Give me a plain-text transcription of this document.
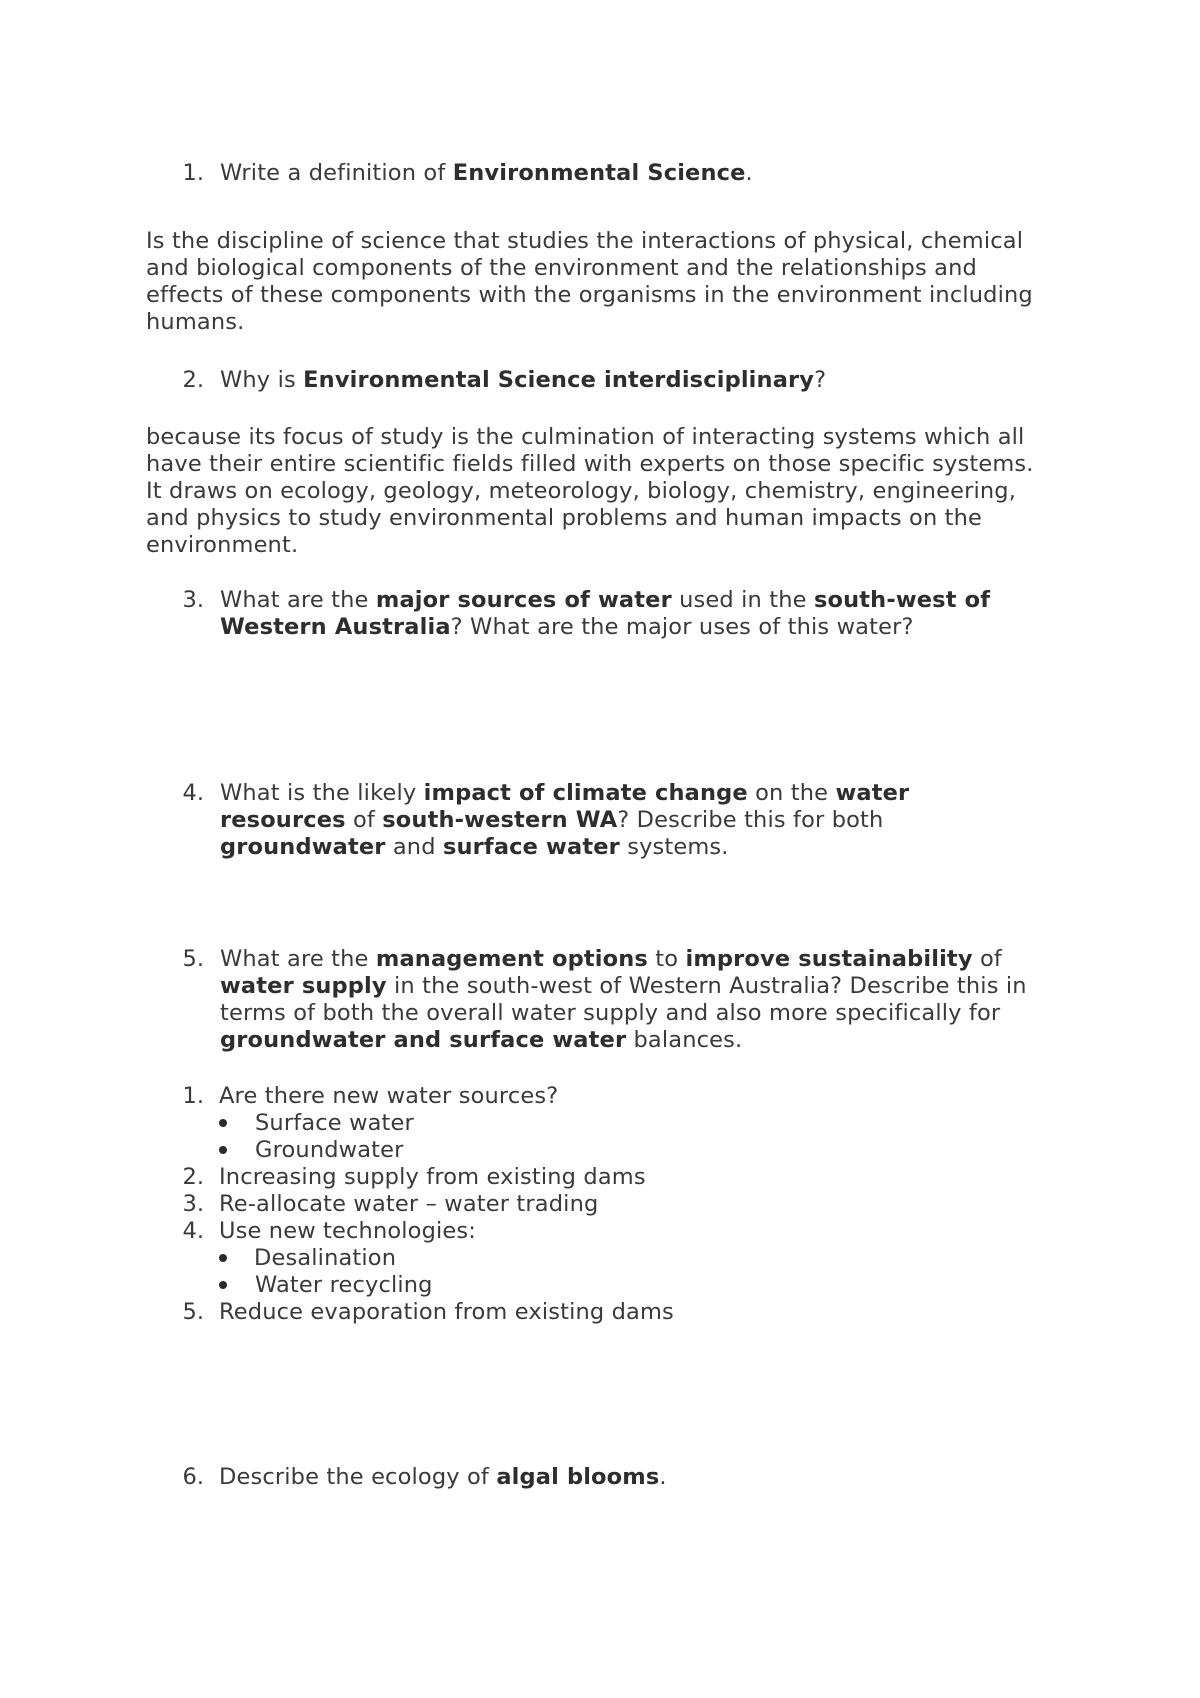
1. Write a definition of Environmental Science.
Is the discipline of science that studies the interactions of physical, chemical
and biological components of the environment and the relationships and
effects of these components with the organisms in the environment including
humans.
2. Why is Environmental Science interdisciplinary?
because its focus of study is the culmination of interacting systems which all
have their entire scientific fields filled with experts on those specific systems.
It draws on ecology, geology, meteorology, biology, chemistry, engineering,
and physics to study environmental problems and human impacts on the
environment.
3. What are the major sources of water used in the south-west of
Western Australia? What are the major uses of this water?
4. What is the likely impact of climate change on the water
resources of south-western WA? Describe this for both
groundwater and surface water systems.
5. What are the management options to improve sustainability of
water supply in the south-west of Western Australia? Describe this in
terms of both the overall water supply and also more specifically for
groundwater and surface water balances.
1. Are there new water sources?
Surface water
Groundwater
2. Increasing supply from existing dams
3. Re-allocate water – water trading
4. Use new technologies:
Desalination
Water recycling
5. Reduce evaporation from existing dams
6. Describe the ecology of algal blooms.
